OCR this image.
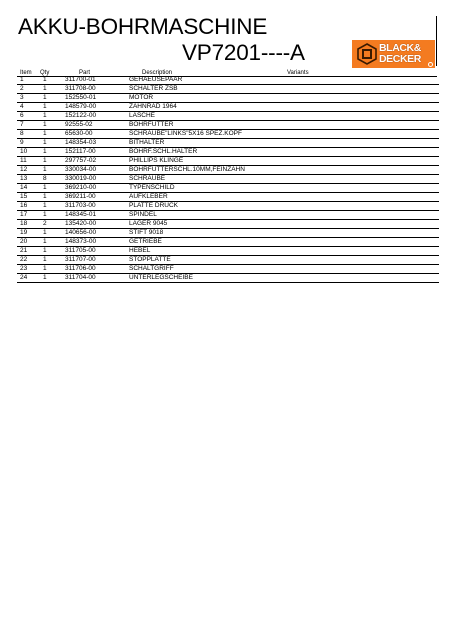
AKKU-BOHRMASCHINE
VP7201----A	BLACK&
DECKER
Item Qty	Part	Description	Variants
1	1	311700-01	GEHAEUSEPAAR
2	1	311708-00	SCHALTER ZSB
3	1	152550-01	MOTOR
4	1	148579-00	ZAHNRAD 1964
6	1	152122-00	LASCHE
7	1	92555-02	BOHRFUTTER
8	1	65630-00	SCHRAUBE"LINKS"5X16 SPEZ.KOPF
9	1	148354-03	BITHALTER
10	1	152117-00	BOHRF.SCHL.HALTER
11	1	297757-02	PHILLIPS KLINGE
12	1	330034-00	BOHRFUTTERSCHL.10MM,FEINZAHN
13	8	330019-00	SCHRAUBE
14	1	369210-00	TYPENSCHILD
15	1	369211-00	AUFKLEBER
16	1	311703-00	PLATTE DRUCK
17	1	148345-01	SPINDEL
18	2	135420-00	LAGER 9045
19	1	140656-00	STIFT 9018
20	1	148373-00	GETRIEBE
21	1	311705-00	HEBEL
22	1	311707-00	STOPPLATTE
23	1	311706-00	SCHALTGRIFF
24	1	311704-00	UNTERLEGSCHEIBE
